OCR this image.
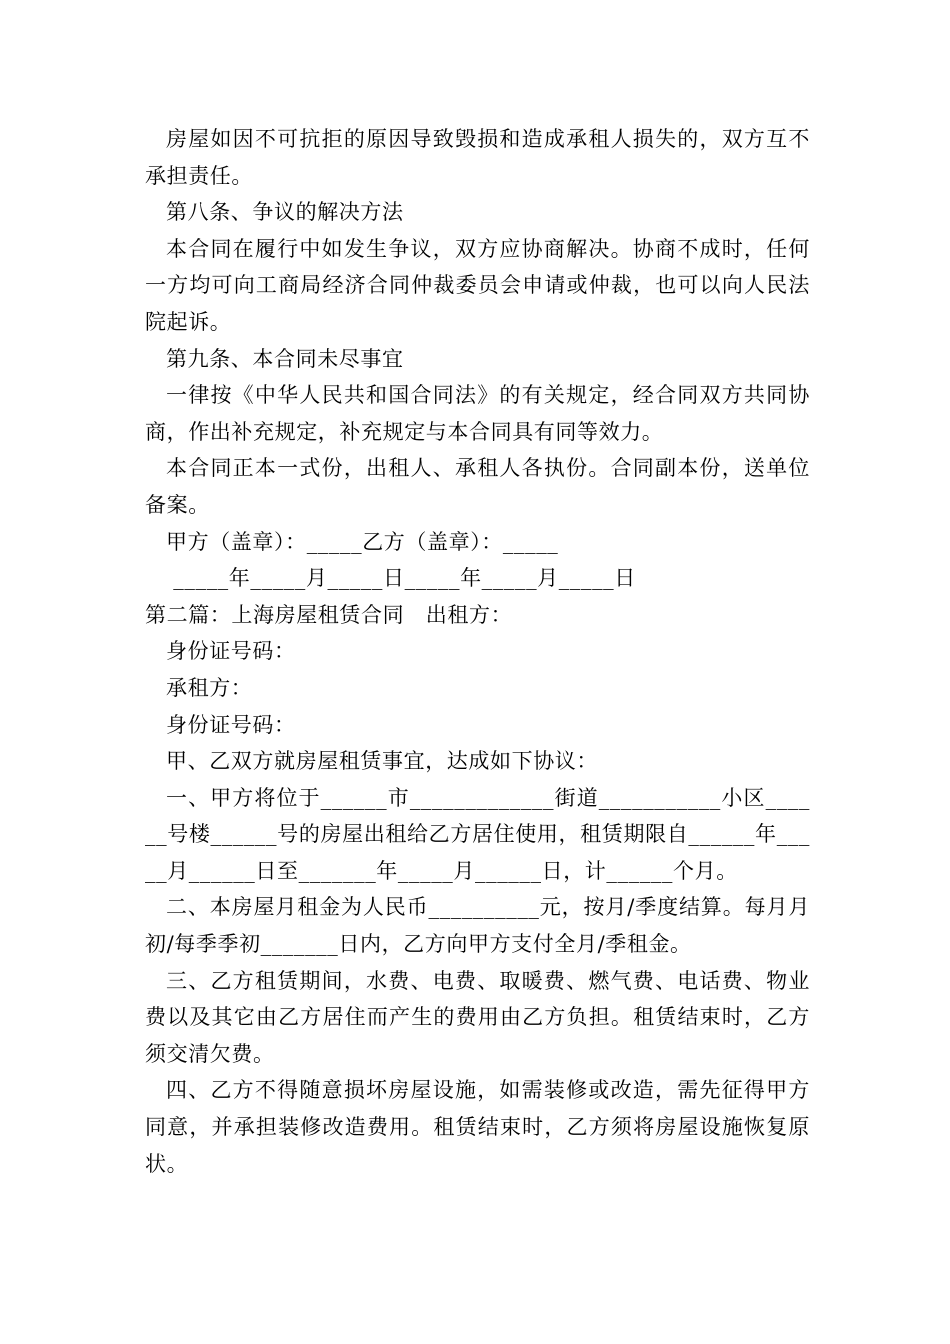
房屋如因不可抗拒的原因导致毁损和造成承租人损失的，双方互不承担责任。

第八条、争议的解决方法

本合同在履行中如发生争议，双方应协商解决。协商不成时，任何一方均可向工商局经济合同仲裁委员会申请或仲裁，也可以向人民法院起诉。

第九条、本合同未尽事宜

一律按《中华人民共和国合同法》的有关规定，经合同双方共同协商，作出补充规定，补充规定与本合同具有同等效力。

本合同正本一式份，出租人、承租人各执份。合同副本份，送单位备案。

甲方（盖章）：_____乙方（盖章）：_____

_____年_____月_____日_____年_____月_____日

第二篇：上海房屋租赁合同　出租方：

身份证号码：

承租方：

身份证号码：

甲、乙双方就房屋租赁事宜，达成如下协议：

一、甲方将位于______市_____________街道___________小区______号楼______号的房屋出租给乙方居住使用，租赁期限自______年_____月______日至_______年_____月______日，计______个月。

二、本房屋月租金为人民币__________元，按月/季度结算。每月月初/每季季初_______日内，乙方向甲方支付全月/季租金。

三、乙方租赁期间，水费、电费、取暖费、燃气费、电话费、物业费以及其它由乙方居住而产生的费用由乙方负担。租赁结束时，乙方须交清欠费。

四、乙方不得随意损坏房屋设施，如需装修或改造，需先征得甲方同意，并承担装修改造费用。租赁结束时，乙方须将房屋设施恢复原状。
